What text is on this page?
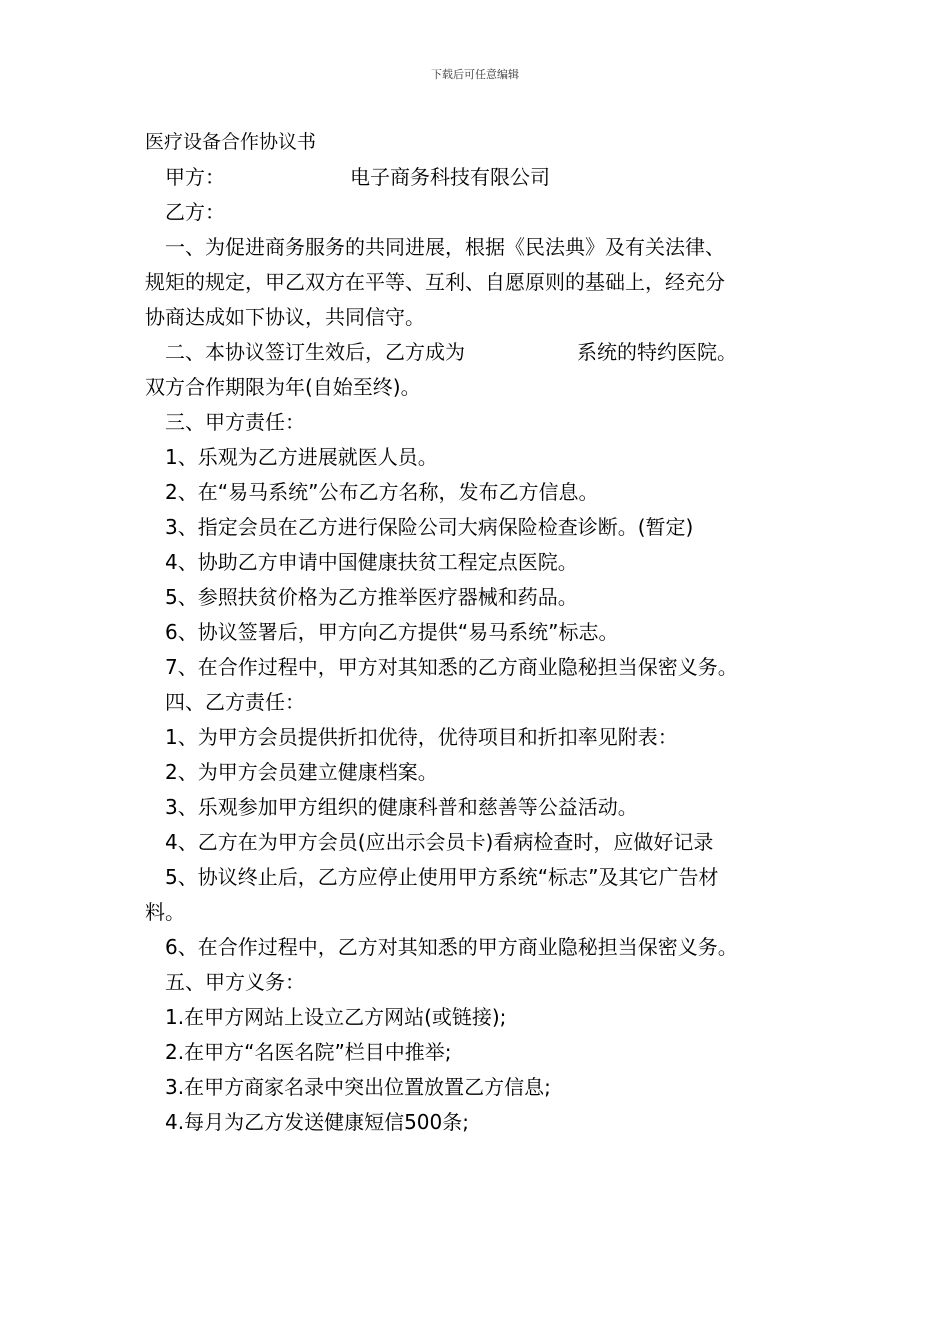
下载后可任意编辑
医疗设备合作协议书
甲方：	电子商务科技有限公司
乙方：
一、为促进商务服务的共同进展，根据《民法典》及有关法律、
规矩的规定，甲乙双方在平等、互利、自愿原则的基础上，经充分
协商达成如下协议，共同信守。
二、本协议签订生效后，乙方成为	系统的特约医院。
双方合作期限为年(自始至终)。
三、甲方责任：
1、乐观为乙方进展就医人员。
2、在“易马系统”公布乙方名称，发布乙方信息。
3、指定会员在乙方进行保险公司大病保险检查诊断。(暂定)
4、协助乙方申请中国健康扶贫工程定点医院。
5、参照扶贫价格为乙方推举医疗器械和药品。
6、协议签署后，甲方向乙方提供“易马系统”标志。
7、在合作过程中，甲方对其知悉的乙方商业隐秘担当保密义务。
四、乙方责任：
1、为甲方会员提供折扣优待，优待项目和折扣率见附表：
2、为甲方会员建立健康档案。
3、乐观参加甲方组织的健康科普和慈善等公益活动。
4、乙方在为甲方会员(应出示会员卡)看病检查时，应做好记录
5、协议终止后，乙方应停止使用甲方系统“标志”及其它广告材
料。
6、在合作过程中，乙方对其知悉的甲方商业隐秘担当保密义务。
五、甲方义务：
1.在甲方网站上设立乙方网站(或链接);
2.在甲方“名医名院”栏目中推举;
3.在甲方商家名录中突出位置放置乙方信息;
4.每月为乙方发送健康短信500条;
